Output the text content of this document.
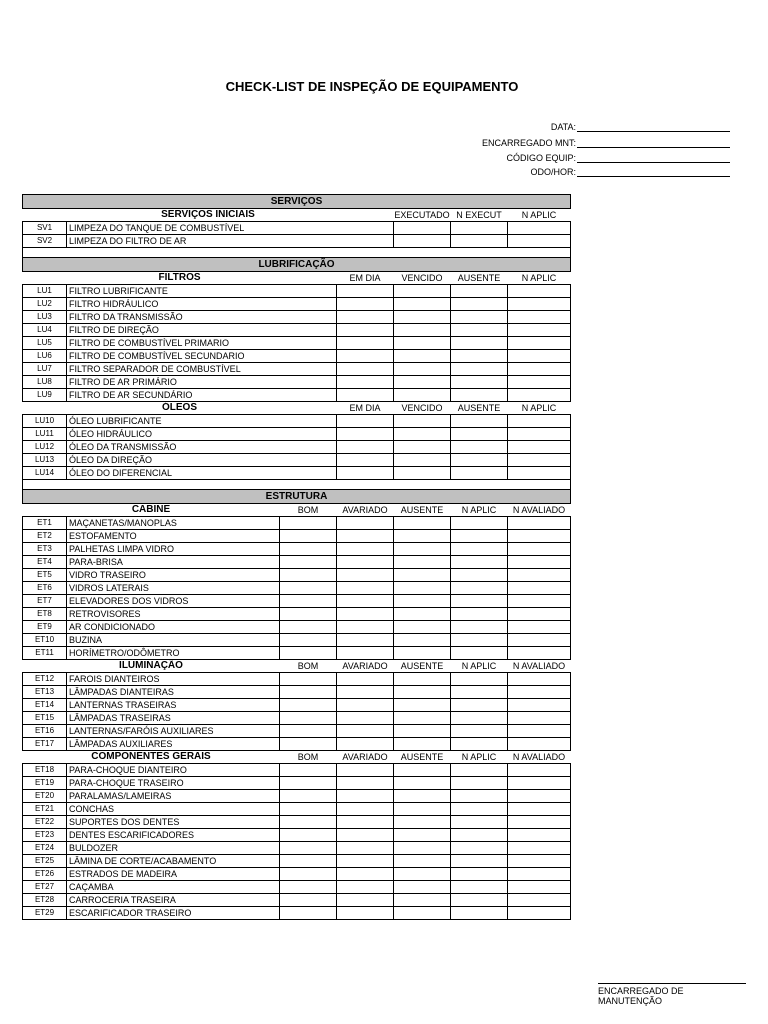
CHECK-LIST DE INSPEÇÃO DE EQUIPAMENTO
DATA:
ENCARREGADO MNT:
CÓDIGO EQUIP:
ODO/HOR:
SERVIÇOS						
SERVIÇOS INICIAIS				EXECUTADO	N EXECUT	N APLIC
SV1	LIMPEZA DO TANQUE DE COMBUSTÍVEL					
SV2	LIMPEZA DO FILTRO DE AR					

LUBRIFICAÇÃO						
FILTROS			EM DIA	VENCIDO	AUSENTE	N APLIC
LU1	FILTRO LUBRIFICANTE					
LU2	FILTRO HIDRÁULICO					
LU3	FILTRO DA TRANSMISSÃO					
LU4	FILTRO DE DIREÇÃO					
LU5	FILTRO DE COMBUSTÍVEL PRIMARIO					
LU6	FILTRO DE COMBUSTÍVEL SECUNDARIO					
LU7	FILTRO SEPARADOR DE COMBUSTÍVEL					
LU8	FILTRO DE AR PRIMÁRIO					
LU9	FILTRO DE AR SECUNDÁRIO					
ÓLEOS			EM DIA	VENCIDO	AUSENTE	N APLIC
LU10	ÓLEO LUBRIFICANTE					
LU11	ÓLEO HIDRÁULICO					
LU12	ÓLEO DA TRANSMISSÃO					
LU13	ÓLEO DA DIREÇÃO					
LU14	ÓLEO DO DIFERENCIAL					

ESTRUTURA						
CABINE		BOM	AVARIADO	AUSENTE	N APLIC	N AVALIADO
ET1	MAÇANETAS/MANOPLAS					
ET2	ESTOFAMENTO					
ET3	PALHETAS LIMPA VIDRO					
ET4	PARA-BRISA					
ET5	VIDRO TRASEIRO					
ET6	VIDROS LATERAIS					
ET7	ELEVADORES DOS VIDROS					
ET8	RETROVISORES					
ET9	AR CONDICIONADO					
ET10	BUZINA					
ET11	HORÍMETRO/ODÔMETRO					
ILUMINAÇÃO		BOM	AVARIADO	AUSENTE	N APLIC	N AVALIADO
ET12	FAROIS DIANTEIROS					
ET13	LÂMPADAS DIANTEIRAS					
ET14	LANTERNAS TRASEIRAS					
ET15	LÂMPADAS TRASEIRAS					
ET16	LANTERNAS/FARÓIS AUXILIARES					
ET17	LÂMPADAS AUXILIARES					
COMPONENTES GERAIS		BOM	AVARIADO	AUSENTE	N APLIC	N AVALIADO
ET18	PARA-CHOQUE DIANTEIRO					
ET19	PARA-CHOQUE TRASEIRO					
ET20	PARALAMAS/LAMEIRAS					
ET21	CONCHAS					
ET22	SUPORTES DOS DENTES					
ET23	DENTES ESCARIFICADORES					
ET24	BULDOZER					
ET25	LÂMINA DE CORTE/ACABAMENTO					
ET26	ESTRADOS DE MADEIRA					
ET27	CAÇAMBA					
ET28	CARROCERIA TRASEIRA					
ET29	ESCARIFICADOR TRASEIRO					
ENCARREGADO DE MANUTENÇÃO
